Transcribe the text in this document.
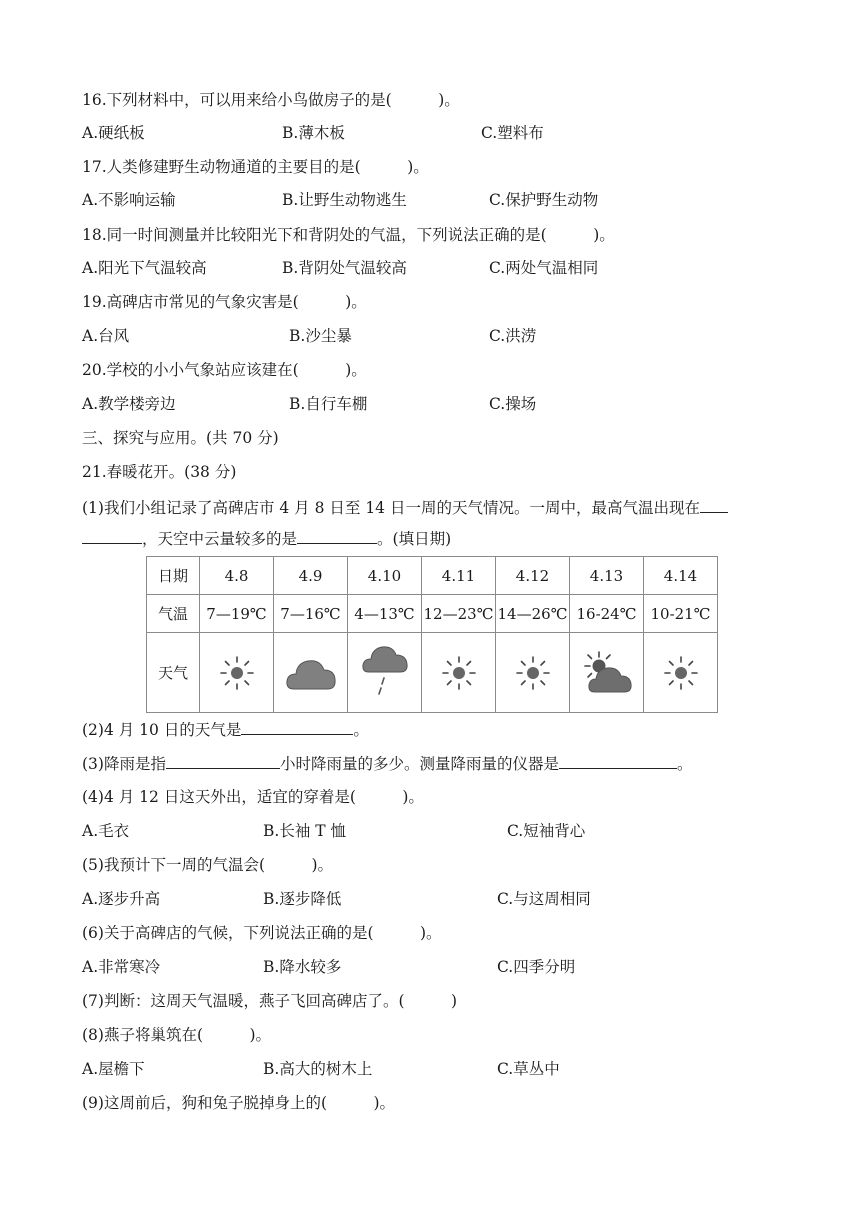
16.下列材料中，可以用来给小鸟做房子的是(　　　)。
A.硬纸板	B.薄木板	C.塑料布
17.人类修建野生动物通道的主要目的是(　　　)。
A.不影响运输	B.让野生动物逃生	C.保护野生动物
18.同一时间测量并比较阳光下和背阴处的气温，下列说法正确的是(　　　)。
A.阳光下气温较高	B.背阴处气温较高	C.两处气温相同
19.高碑店市常见的气象灾害是(　　　)。
A.台风	B.沙尘暴	C.洪涝
20.学校的小小气象站应该建在(　　　)。
A.教学楼旁边	B.自行车棚	C.操场
三、探究与应用。(共 70 分)
21.春暖花开。(38 分)
(1)我们小组记录了高碑店市 4 月 8 日至 14 日一周的天气情况。一周中，最高气温出现在
，天空中云量较多的是	。(填日期)
日期	4.8	4.9	4.10	4.11	4.12	4.13	4.14
气温	7—19℃	7—16℃	4—13℃	12—23℃	14—26℃	16-24℃	10-21℃
天气	

(2)4 月 10 日的天气是	。
(3)降雨是指	小时降雨量的多少。测量降雨量的仪器是	。
(4)4 月 12 日这天外出，适宜的穿着是(　　　)。
A.毛衣	B.长袖 T 恤	C.短袖背心
(5)我预计下一周的气温会(　　　)。
A.逐步升高	B.逐步降低	C.与这周相同
(6)关于高碑店的气候，下列说法正确的是(　　　)。
A.非常寒冷	B.降水较多	C.四季分明
(7)判断：这周天气温暖，燕子飞回高碑店了。(　　　)
(8)燕子将巢筑在(　　　)。
A.屋檐下	B.高大的树木上	C.草丛中
(9)这周前后，狗和兔子脱掉身上的(　　　)。
